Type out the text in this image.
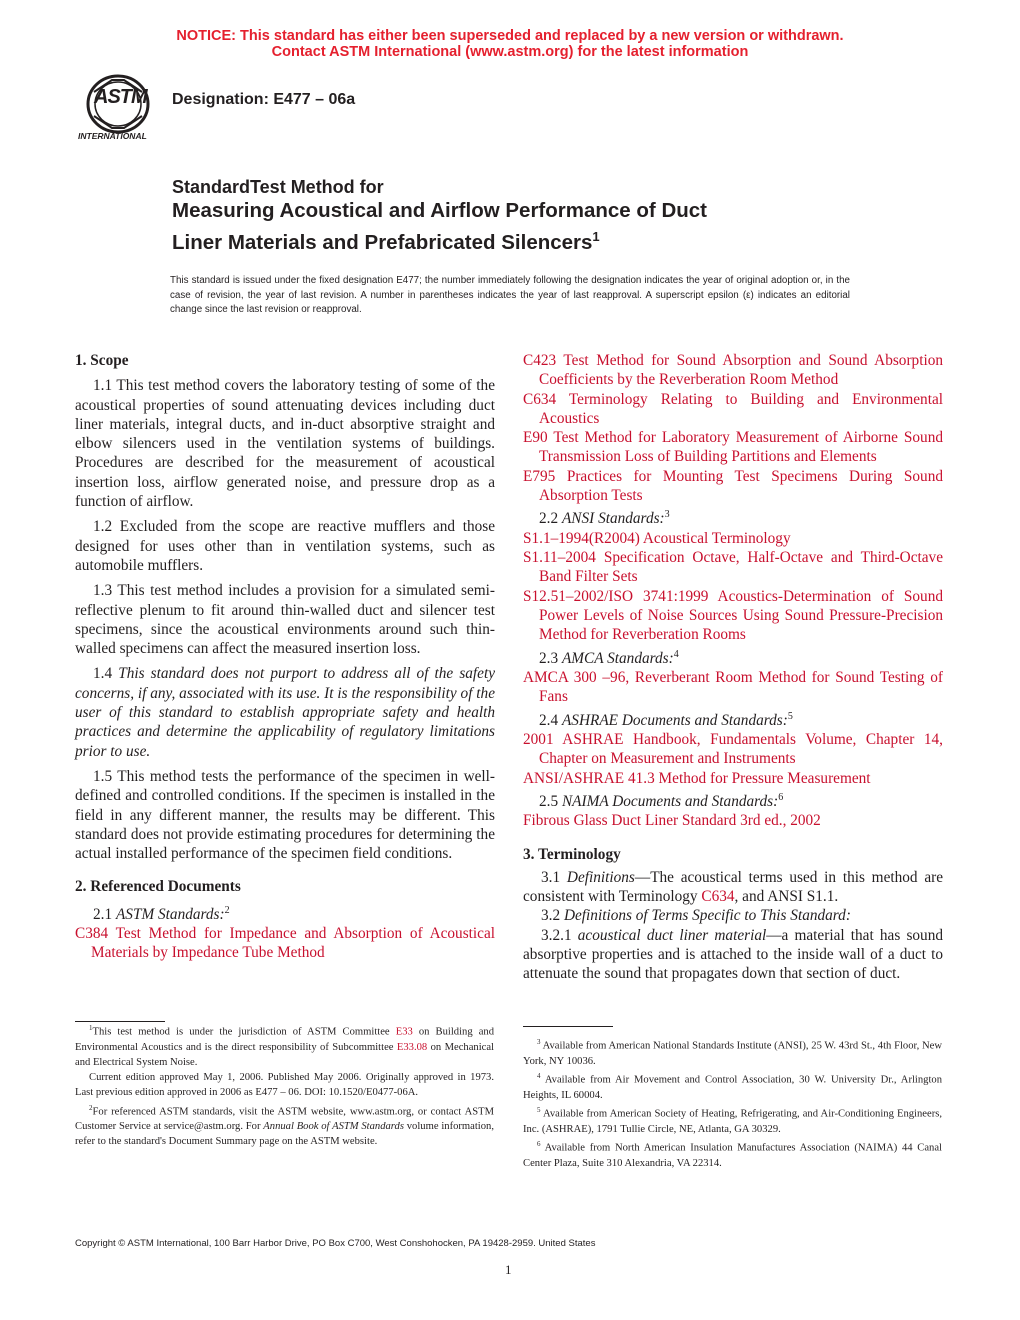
NOTICE: This standard has either been superseded and replaced by a new version or withdrawn.
Contact ASTM International (www.astm.org) for the latest information
ASTM
INTERNATIONAL
Designation: E477 – 06a
StandardTest Method for
Measuring Acoustical and Airflow Performance of Duct
Liner Materials and Prefabricated Silencers$^1$
This standard is issued under the fixed designation E477; the number immediately following the designation indicates the year of original adoption or, in the case of revision, the year of last revision. A number in parentheses indicates the year of last reapproval. A superscript epsilon (ε) indicates an editorial change since the last revision or reapproval.
1. Scope

1.1 This test method covers the laboratory testing of some of the acoustical properties of sound attenuating devices including duct liner materials, integral ducts, and in-duct absorptive straight and elbow silencers used in the ventilation systems of buildings. Procedures are described for the measurement of acoustical insertion loss, airflow generated noise, and pressure drop as a function of airflow.

1.2 Excluded from the scope are reactive mufflers and those designed for uses other than in ventilation systems, such as automobile mufflers.

1.3 This test method includes a provision for a simulated semi-reflective plenum to fit around thin-walled duct and silencer test specimens, since the acoustical environments around such thin-walled specimens can affect the measured insertion loss.

1.4 This standard does not purport to address all of the safety concerns, if any, associated with its use. It is the responsibility of the user of this standard to establish appropriate safety and health practices and determine the applicability of regulatory limitations prior to use.

1.5 This method tests the performance of the specimen in well-defined and controlled conditions. If the specimen is installed in the field in any different manner, the results may be different. This standard does not provide estimating procedures for determining the actual installed performance of the specimen field conditions.

2. Referenced Documents

2.1 ASTM Standards:$^2$

C384 Test Method for Impedance and Absorption of Acoustical Materials by Impedance Tube Method

C423 Test Method for Sound Absorption and Sound Absorption Coefficients by the Reverberation Room Method

C634 Terminology Relating to Building and Environmental Acoustics

E90 Test Method for Laboratory Measurement of Airborne Sound Transmission Loss of Building Partitions and Elements

E795 Practices for Mounting Test Specimens During Sound Absorption Tests

2.2 ANSI Standards:$^3$

S1.1–1994(R2004) Acoustical Terminology

S1.11–2004 Specification Octave, Half-Octave and Third-Octave Band Filter Sets

S12.51–2002/ISO 3741:1999 Acoustics-Determination of Sound Power Levels of Noise Sources Using Sound Pressure-Precision Method for Reverberation Rooms

2.3 AMCA Standards:$^4$

AMCA 300 –96, Reverberant Room Method for Sound Testing of Fans

2.4 ASHRAE Documents and Standards:$^5$

2001 ASHRAE Handbook, Fundamentals Volume, Chapter 14, Chapter on Measurement and Instruments

ANSI/ASHRAE 41.3 Method for Pressure Measurement

2.5 NAIMA Documents and Standards:$^6$

Fibrous Glass Duct Liner Standard 3rd ed., 2002

3. Terminology

3.1 Definitions—The acoustical terms used in this method are consistent with Terminology C634, and ANSI S1.1.

3.2 Definitions of Terms Specific to This Standard:

3.2.1 acoustical duct liner material—a material that has sound absorptive properties and is attached to the inside wall of a duct to attenuate the sound that propagates down that section of duct.

$^1$This test method is under the jurisdiction of ASTM Committee E33 on Building and Environmental Acoustics and is the direct responsibility of Subcommittee E33.08 on Mechanical and Electrical System Noise.

Current edition approved May 1, 2006. Published May 2006. Originally approved in 1973. Last previous edition approved in 2006 as E477 – 06. DOI: 10.1520/E0477-06A.

$^2$For referenced ASTM standards, visit the ASTM website, www.astm.org, or contact ASTM Customer Service at service@astm.org. For Annual Book of ASTM Standards volume information, refer to the standard's Document Summary page on the ASTM website.

$^3$ Available from American National Standards Institute (ANSI), 25 W. 43rd St., 4th Floor, New York, NY 10036.

$^4$ Available from Air Movement and Control Association, 30 W. University Dr., Arlington Heights, IL 60004.

$^5$ Available from American Society of Heating, Refrigerating, and Air-Conditioning Engineers, Inc. (ASHRAE), 1791 Tullie Circle, NE, Atlanta, GA 30329.

$^6$ Available from North American Insulation Manufactures Association (NAIMA) 44 Canal Center Plaza, Suite 310 Alexandria, VA 22314.

Copyright © ASTM International, 100 Barr Harbor Drive, PO Box C700, West Conshohocken, PA 19428-2959. United States
1
